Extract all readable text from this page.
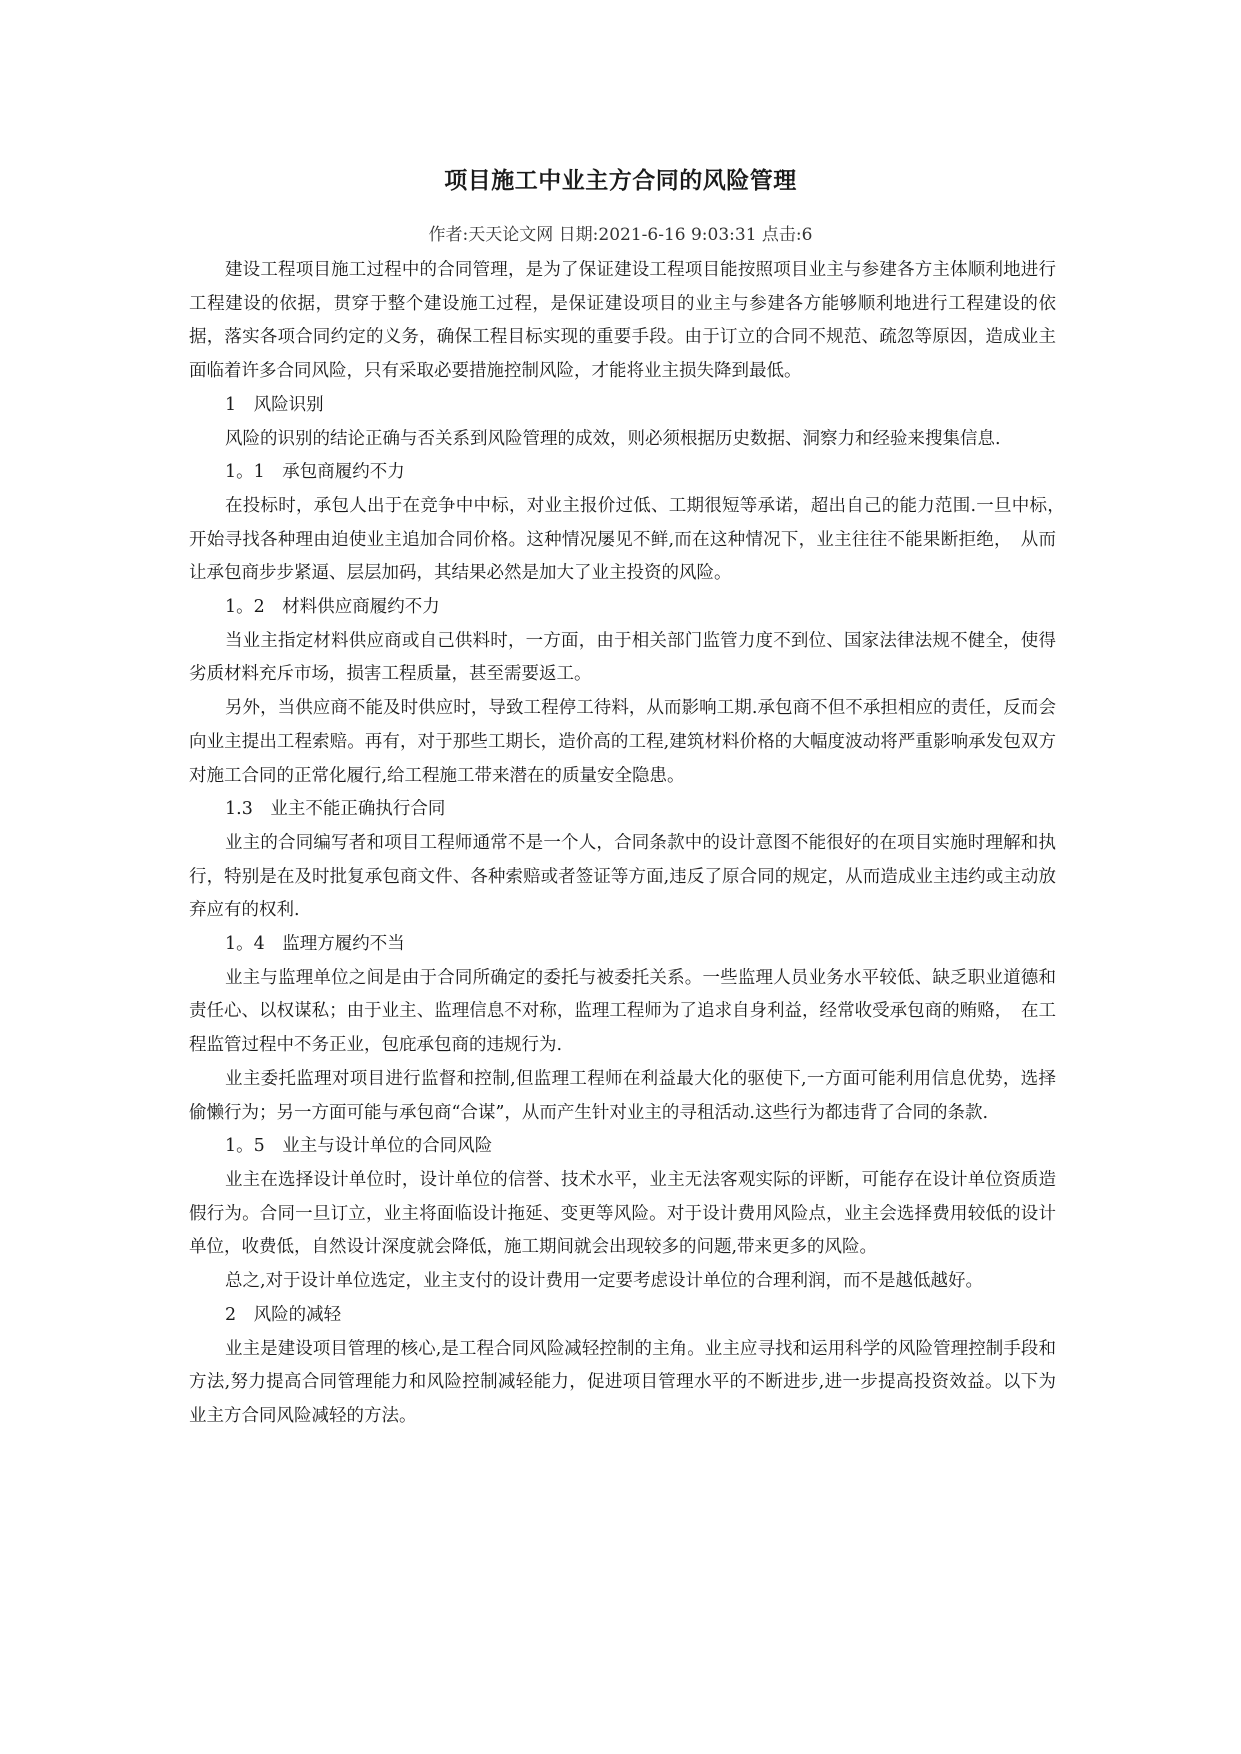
项目施工中业主方合同的风险管理
作者:天天论文网 日期:2021-6-16 9:03:31 点击:6

建设工程项目施工过程中的合同管理，是为了保证建设工程项目能按照项目业主与参建各方主体顺利地进行工程建设的依据，贯穿于整个建设施工过程，是保证建设项目的业主与参建各方能够顺利地进行工程建设的依据，落实各项合同约定的义务，确保工程目标实现的重要手段。由于订立的合同不规范、疏忽等原因，造成业主面临着许多合同风险，只有采取必要措施控制风险，才能将业主损失降到最低。

1　风险识别

风险的识别的结论正确与否关系到风险管理的成效，则必须根据历史数据、洞察力和经验来搜集信息.

1。1　承包商履约不力

在投标时，承包人出于在竞争中中标，对业主报价过低、工期很短等承诺，超出自己的能力范围.一旦中标，　开始寻找各种理由迫使业主追加合同价格。这种情况屡见不鲜,而在这种情况下，业主往往不能果断拒绝，　从而让承包商步步紧逼、层层加码，其结果必然是加大了业主投资的风险。

1。2　材料供应商履约不力

当业主指定材料供应商或自己供料时，一方面，由于相关部门监管力度不到位、国家法律法规不健全，使得劣质材料充斥市场，损害工程质量，甚至需要返工。

另外，当供应商不能及时供应时，导致工程停工待料，从而影响工期.承包商不但不承担相应的责任，反而会向业主提出工程索赔。再有，对于那些工期长，造价高的工程,建筑材料价格的大幅度波动将严重影响承发包双方对施工合同的正常化履行,给工程施工带来潜在的质量安全隐患。

1.3　业主不能正确执行合同

业主的合同编写者和项目工程师通常不是一个人，合同条款中的设计意图不能很好的在项目实施时理解和执行，特别是在及时批复承包商文件、各种索赔或者签证等方面,违反了原合同的规定，从而造成业主违约或主动放弃应有的权利.

1。4　监理方履约不当

业主与监理单位之间是由于合同所确定的委托与被委托关系。一些监理人员业务水平较低、缺乏职业道德和责任心、以权谋私；由于业主、监理信息不对称，监理工程师为了追求自身利益，经常收受承包商的贿赂，　在工程监管过程中不务正业，包庇承包商的违规行为.

业主委托监理对项目进行监督和控制,但监理工程师在利益最大化的驱使下,一方面可能利用信息优势，选择偷懒行为；另一方面可能与承包商“合谋”，从而产生针对业主的寻租活动.这些行为都违背了合同的条款.

1。5　业主与设计单位的合同风险

业主在选择设计单位时，设计单位的信誉、技术水平，业主无法客观实际的评断，可能存在设计单位资质造假行为。合同一旦订立，业主将面临设计拖延、变更等风险。对于设计费用风险点，业主会选择费用较低的设计单位，收费低，自然设计深度就会降低，施工期间就会出现较多的问题,带来更多的风险。

总之,对于设计单位选定，业主支付的设计费用一定要考虑设计单位的合理利润，而不是越低越好。

2　风险的减轻

业主是建设项目管理的核心,是工程合同风险减轻控制的主角。业主应寻找和运用科学的风险管理控制手段和方法,努力提高合同管理能力和风险控制减轻能力，促进项目管理水平的不断进步,进一步提高投资效益。以下为业主方合同风险减轻的方法。
